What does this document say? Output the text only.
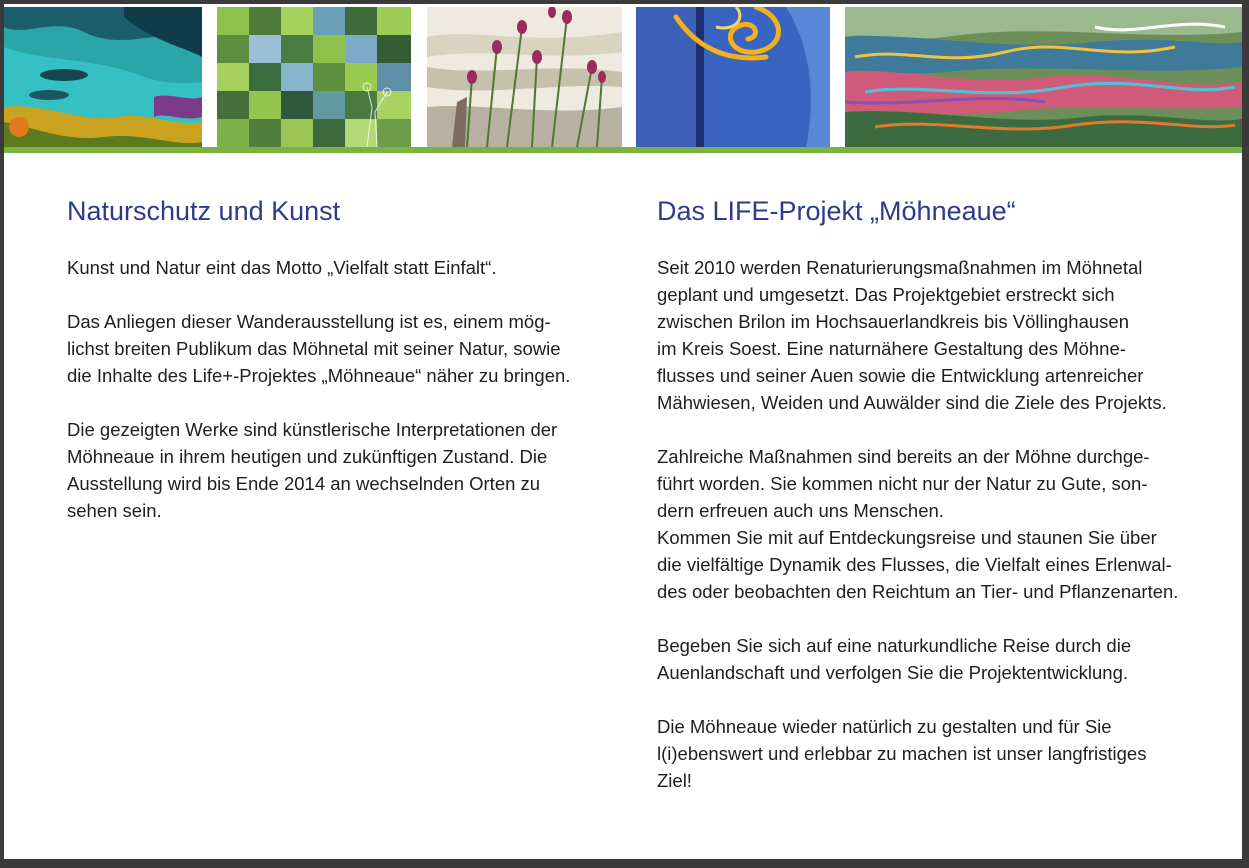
Naturschutz und Kunst

Kunst und Natur eint das Motto „Vielfalt statt Einfalt“.

Das Anliegen dieser Wanderausstellung ist es, einem mög-
lichst breiten Publikum das Möhnetal mit seiner Natur, sowie
die Inhalte des Life+-Projektes „Möhneaue“ näher zu bringen.

Die gezeigten Werke sind künstlerische Interpretationen der
Möhneaue in ihrem heutigen und zukünftigen Zustand. Die
Ausstellung wird bis Ende 2014 an wechselnden Orten zu
sehen sein.

Das LIFE-Projekt „Möhneaue“

Seit 2010 werden Renaturierungsmaßnahmen im Möhnetal
geplant und umgesetzt. Das Projektgebiet erstreckt sich
zwischen Brilon im Hochsauerlandkreis bis Völlinghausen
im Kreis Soest. Eine naturnähere Gestaltung des Möhne-
flusses und seiner Auen sowie die Entwicklung artenreicher
Mähwiesen, Weiden und Auwälder sind die Ziele des Projekts.

Zahlreiche Maßnahmen sind bereits an der Möhne durchge-
führt worden. Sie kommen nicht nur der Natur zu Gute, son-
dern erfreuen auch uns Menschen.

Kommen Sie mit auf Entdeckungsreise und staunen Sie über
die vielfältige Dynamik des Flusses, die Vielfalt eines Erlenwal-
des oder beobachten den Reichtum an Tier- und Pflanzenarten.

Begeben Sie sich auf eine naturkundliche Reise durch die
Auenlandschaft und verfolgen Sie die Projektentwicklung.

Die Möhneaue wieder natürlich zu gestalten und für Sie
l(i)ebenswert und erlebbar zu machen ist unser langfristiges
Ziel!
